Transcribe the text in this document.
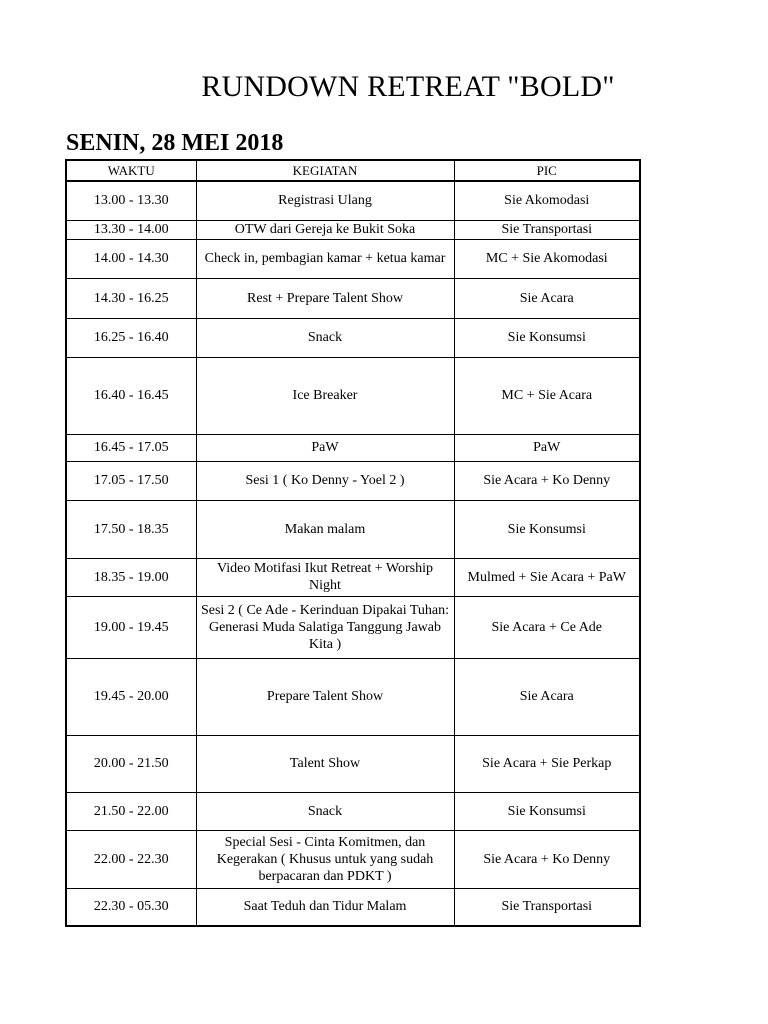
RUNDOWN RETREAT "BOLD"
SENIN, 28 MEI 2018
WAKTU	KEGIATAN	PIC
13.00 - 13.30	Registrasi Ulang	Sie Akomodasi
13.30 - 14.00	OTW dari Gereja ke Bukit Soka	Sie Transportasi
14.00 - 14.30	Check in, pembagian kamar + ketua kamar	MC + Sie Akomodasi
14.30 - 16.25	Rest + Prepare Talent Show	Sie Acara
16.25 - 16.40	Snack	Sie Konsumsi
16.40 - 16.45	Ice Breaker	MC + Sie Acara
16.45 - 17.05	PaW	PaW
17.05 - 17.50	Sesi 1 ( Ko Denny - Yoel 2 )	Sie Acara + Ko Denny
17.50 - 18.35	Makan malam	Sie Konsumsi
18.35 - 19.00	Video Motifasi Ikut Retreat + Worship Night	Mulmed + Sie Acara + PaW
19.00 - 19.45	Sesi 2 ( Ce Ade - Kerinduan Dipakai Tuhan: Generasi Muda Salatiga Tanggung Jawab Kita )	Sie Acara + Ce Ade
19.45 - 20.00	Prepare Talent Show	Sie Acara
20.00 - 21.50	Talent Show	Sie Acara + Sie Perkap
21.50 - 22.00	Snack	Sie Konsumsi
22.00 - 22.30	Special Sesi - Cinta Komitmen, dan Kegerakan ( Khusus untuk yang sudah berpacaran dan PDKT )	Sie Acara + Ko Denny
22.30 - 05.30	Saat Teduh dan Tidur Malam	Sie Transportasi
